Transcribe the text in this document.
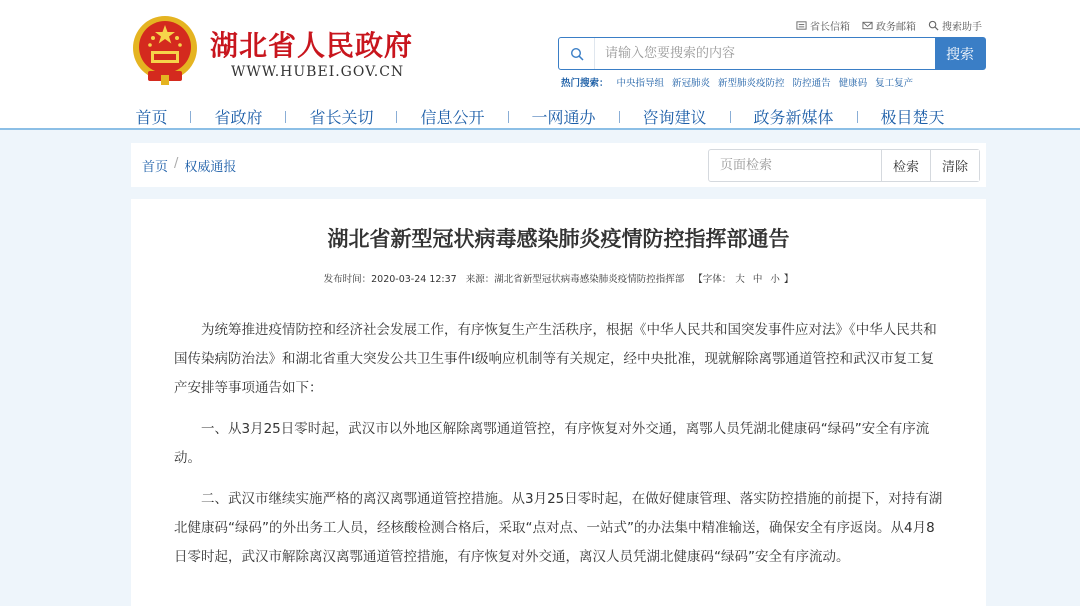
湖北省人民政府
WWW.HUBEI.GOV.CN
省长信箱	政务邮箱	搜索助手
请输入您要搜索的内容
搜索
热门搜索： 中央指导组 新冠肺炎 新型肺炎疫防控 防控通告 健康码 复工复产
首页	省政府	省长关切	信息公开	一网通办	咨询建议	政务新媒体	极目楚天
首页 / 权威通报
页面检索	检索	清除
湖北省新型冠状病毒感染肺炎疫情防控指挥部通告
发布时间：2020-03-24 12:37 来源：湖北省新型冠状病毒感染肺炎疫情防控指挥部 【字体： 大 中 小 】

为统筹推进疫情防控和经济社会发展工作，有序恢复生产生活秩序，根据《中华人民共和国突发事件应对法》《中华人民共和国传染病防治法》和湖北省重大突发公共卫生事件I级响应机制等有关规定，经中央批准，现就解除离鄂通道管控和武汉市复工复产安排等事项通告如下：

一、从3月25日零时起，武汉市以外地区解除离鄂通道管控，有序恢复对外交通，离鄂人员凭湖北健康码“绿码”安全有序流动。

二、武汉市继续实施严格的离汉离鄂通道管控措施。从3月25日零时起，在做好健康管理、落实防控措施的前提下，对持有湖北健康码“绿码”的外出务工人员，经核酸检测合格后，采取“点对点、一站式”的办法集中精准输送，确保安全有序返岗。从4月8日零时起，武汉市解除离汉离鄂通道管控措施，有序恢复对外交通，离汉人员凭湖北健康码“绿码”安全有序流动。
